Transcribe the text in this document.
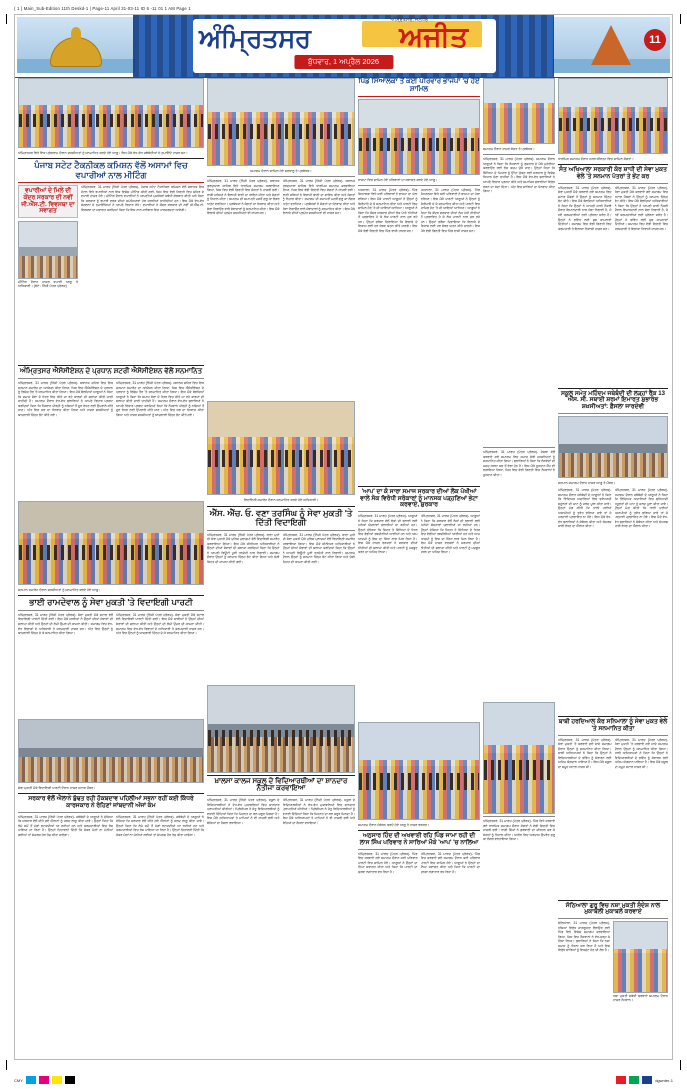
( 1 ) Main_Sub-Edition 11th Deskd-1 | Page-11 April 31-03-11 ID 6 -11 01 1 AM Page 1
ਅੰਮ੍ਰਿਤਸਰ	ਅਜੀਤ
ਅੰਮ੍ਰਿਤਸਰ, ਜਲੰਧਰ
ਬੁੱਧਵਾਰ, 1 ਅਪ੍ਰੈਲ 2026
11
ਅੰਮ੍ਰਿਤਸਰ ਵਿਖੇ ਇਕ ਪ੍ਰੋਗਰਾਮ ਦੌਰਾਨ ਸ਼ਖ਼ਸੀਅਤਾਂ ਨੂੰ ਸਨਮਾਨਿਤ ਕਰਦੇ ਹੋਏ ਆਗੂ। ਇਸ ਮੌਕੇ ਵੱਖ-ਵੱਖ ਜਥੇਬੰਦੀਆਂ ਦੇ ਨੁਮਾਇੰਦੇ ਹਾਜ਼ਰ ਸਨ।
ਪੰਜਾਬ ਸਟੇਟ ਟੈਕਨੀਕਲ ਕਮਿਸ਼ਨ ਵੱਲੋਂ ਅਸਾਮਾਂ ਵਿਚ ਵਪਾਰੀਆਂ ਨਾਲ ਮੀਟਿੰਗ
ਵਪਾਰੀਆਂ ਦੇ ਮਿਲੇ ਦੀ ਕੇਂਦਰ ਸਰਕਾਰ ਦੀ ਨਵੀਂ ਜੀ.ਐੱਸ.ਟੀ. ਵਿਵਸਥਾ ਦਾ ਸਵਾਗਤ
ਮੀਟਿੰਗ ਦੌਰਾਨ ਹਾਜ਼ਰ ਵਪਾਰੀ ਆਗੂ ਤੇ ਅਧਿਕਾਰੀ। (ਫੋਟੋ : ਨਿੱਜੀ ਪੱਤਰ ਪ੍ਰੇਰਕ)
ਅੰਮ੍ਰਿਤਸਰ, 31 ਮਾਰਚ (ਨਿੱਜੀ ਪੱਤਰ ਪ੍ਰੇਰਕ)- ਪੰਜਾਬ ਸਟੇਟ ਟੈਕਨੀਕਲ ਕਮਿਸ਼ਨ ਵੱਲੋਂ ਸਥਾਨਕ ਇਕ ਹੋਟਲ ਵਿਖੇ ਵਪਾਰੀਆਂ ਨਾਲ ਇਕ ਵਿਸ਼ੇਸ਼ ਮੀਟਿੰਗ ਕੀਤੀ ਗਈ, ਜਿਸ ਵਿਚ ਵੱਡੀ ਗਿਣਤੀ ਵਿਚ ਸ਼ਹਿਰ ਦੇ ਵਪਾਰੀ ਹਾਜ਼ਰ ਹੋਏ। ਮੀਟਿੰਗ ਦੌਰਾਨ ਵਪਾਰੀਆਂ ਨੇ ਆਪਣੀਆਂ ਮੁਸ਼ਕਿਲਾਂ ਸਬੰਧੀ ਗੱਲਬਾਤ ਕੀਤੀ ਅਤੇ ਕਿਹਾ ਕਿ ਸਰਕਾਰ ਨੂੰ ਵਪਾਰੀ ਵਰਗ ਦੀਆਂ ਸਮੱਸਿਆਵਾਂ ਹੱਲ ਕਰਨੀਆਂ ਚਾਹੀਦੀਆਂ ਹਨ। ਇਸ ਮੌਕੇ ਵੱਖ-ਵੱਖ ਸੰਗਠਨਾਂ ਦੇ ਨੁਮਾਇੰਦਿਆਂ ਨੇ ਆਪਣੇ ਵਿਚਾਰ ਰੱਖੇ। ਵਪਾਰੀਆਂ ਨੇ ਕੇਂਦਰ ਸਰਕਾਰ ਦੀ ਨਵੀਂ ਜੀ.ਐੱਸ.ਟੀ. ਵਿਵਸਥਾ ਦਾ ਸਵਾਗਤ ਕਰਦਿਆਂ ਕਿਹਾ ਕਿ ਇਸ ਨਾਲ ਕਾਰੋਬਾਰ ਵਿਚ ਪਾਰਦਰਸ਼ਤਾ ਆਵੇਗੀ।
ਅੰਮ੍ਰਿਤਸਰ ਐਸੋਸੀਏਸ਼ਨ ਦੇ ਪ੍ਰਧਾਨ ਸ਼ਟਰੀ ਐਸੋਸੀਏਸ਼ਨ ਵੱਲੋਂ ਸਨਮਾਨਿਤ
ਅੰਮ੍ਰਿਤਸਰ, 31 ਮਾਰਚ (ਨਿੱਜੀ ਪੱਤਰ ਪ੍ਰੇਰਕ)- ਸਥਾਨਕ ਸ਼ਹਿਰ ਵਿਚ ਇਕ ਸਨਮਾਨ ਸਮਾਰੋਹ ਦਾ ਆਯੋਜਨ ਕੀਤਾ ਗਿਆ, ਜਿਸ ਵਿਚ ਐਸੋਸੀਏਸ਼ਨ ਦੇ ਪ੍ਰਧਾਨ ਨੂੰ ਵਿਸ਼ੇਸ਼ ਤੌਰ 'ਤੇ ਸਨਮਾਨਿਤ ਕੀਤਾ ਗਿਆ। ਇਸ ਮੌਕੇ ਬੋਲਦਿਆਂ ਆਗੂਆਂ ਨੇ ਕਿਹਾ ਕਿ ਸਮਾਜ ਸੇਵਾ ਦੇ ਖੇਤਰ ਵਿਚ ਕੀਤੇ ਜਾ ਰਹੇ ਕਾਰਜਾਂ ਦੀ ਸ਼ਲਾਘਾ ਕੀਤੀ ਜਾਣੀ ਚਾਹੀਦੀ ਹੈ। ਸਮਾਗਮ ਦੌਰਾਨ ਵੱਖ-ਵੱਖ ਬੁਲਾਰਿਆਂ ਨੇ ਆਪਣੇ ਵਿਚਾਰ ਪ੍ਰਗਟ ਕਰਦਿਆਂ ਕਿਹਾ ਕਿ ਨੌਜਵਾਨ ਪੀੜ੍ਹੀ ਨੂੰ ਨਸ਼ਿਆਂ ਤੋਂ ਦੂਰ ਰੱਖਣ ਲਈ ਉਪਰਾਲੇ ਕੀਤੇ ਜਾਣ। ਅੰਤ ਵਿਚ ਸਭ ਦਾ ਧੰਨਵਾਦ ਕੀਤਾ ਗਿਆ ਅਤੇ ਹਾਜ਼ਰ ਸ਼ਖ਼ਸੀਅਤਾਂ ਨੂੰ ਯਾਦਗਾਰੀ ਚਿੰਨ੍ਹ ਭੇਟ ਕੀਤੇ ਗਏ।
ਅੰਮ੍ਰਿਤਸਰ, 31 ਮਾਰਚ (ਨਿੱਜੀ ਪੱਤਰ ਪ੍ਰੇਰਕ)- ਸਥਾਨਕ ਸ਼ਹਿਰ ਵਿਚ ਇਕ ਸਨਮਾਨ ਸਮਾਰੋਹ ਦਾ ਆਯੋਜਨ ਕੀਤਾ ਗਿਆ, ਜਿਸ ਵਿਚ ਐਸੋਸੀਏਸ਼ਨ ਦੇ ਪ੍ਰਧਾਨ ਨੂੰ ਵਿਸ਼ੇਸ਼ ਤੌਰ 'ਤੇ ਸਨਮਾਨਿਤ ਕੀਤਾ ਗਿਆ। ਇਸ ਮੌਕੇ ਬੋਲਦਿਆਂ ਆਗੂਆਂ ਨੇ ਕਿਹਾ ਕਿ ਸਮਾਜ ਸੇਵਾ ਦੇ ਖੇਤਰ ਵਿਚ ਕੀਤੇ ਜਾ ਰਹੇ ਕਾਰਜਾਂ ਦੀ ਸ਼ਲਾਘਾ ਕੀਤੀ ਜਾਣੀ ਚਾਹੀਦੀ ਹੈ। ਸਮਾਗਮ ਦੌਰਾਨ ਵੱਖ-ਵੱਖ ਬੁਲਾਰਿਆਂ ਨੇ ਆਪਣੇ ਵਿਚਾਰ ਪ੍ਰਗਟ ਕਰਦਿਆਂ ਕਿਹਾ ਕਿ ਨੌਜਵਾਨ ਪੀੜ੍ਹੀ ਨੂੰ ਨਸ਼ਿਆਂ ਤੋਂ ਦੂਰ ਰੱਖਣ ਲਈ ਉਪਰਾਲੇ ਕੀਤੇ ਜਾਣ। ਅੰਤ ਵਿਚ ਸਭ ਦਾ ਧੰਨਵਾਦ ਕੀਤਾ ਗਿਆ ਅਤੇ ਹਾਜ਼ਰ ਸ਼ਖ਼ਸੀਅਤਾਂ ਨੂੰ ਯਾਦਗਾਰੀ ਚਿੰਨ੍ਹ ਭੇਟ ਕੀਤੇ ਗਏ।
ਸਨਮਾਨ ਸਮਾਰੋਹ ਦੌਰਾਨ ਸ਼ਖ਼ਸੀਅਤਾਂ ਨੂੰ ਸਨਮਾਨਿਤ ਕਰਦੇ ਹੋਏ ਆਗੂ।
ਭਾਈ ਰਾਮਦੇਵਾਲ ਨੂੰ ਸੇਵਾ ਮੁਕਤੀ 'ਤੇ ਵਿਦਾਇਗੀ ਪਾਰਟੀ
ਅੰਮ੍ਰਿਤਸਰ, 31 ਮਾਰਚ (ਨਿੱਜੀ ਪੱਤਰ ਪ੍ਰੇਰਕ)- ਸੇਵਾ ਮੁਕਤੀ ਮੌਕੇ ਸਟਾਫ਼ ਵੱਲੋਂ ਵਿਦਾਇਗੀ ਪਾਰਟੀ ਦਿੱਤੀ ਗਈ। ਇਸ ਮੌਕੇ ਸਾਥੀਆਂ ਨੇ ਉਨ੍ਹਾਂ ਦੀਆਂ ਸੇਵਾਵਾਂ ਦੀ ਸ਼ਲਾਘਾ ਕੀਤੀ ਅਤੇ ਉਨ੍ਹਾਂ ਦੀ ਲੰਮੀ ਉਮਰ ਦੀ ਕਾਮਨਾ ਕੀਤੀ। ਸਮਾਗਮ ਵਿਚ ਵੱਖ-ਵੱਖ ਵਿਭਾਗਾਂ ਦੇ ਅਧਿਕਾਰੀ ਤੇ ਕਰਮਚਾਰੀ ਹਾਜ਼ਰ ਸਨ। ਅੰਤ ਵਿਚ ਉਨ੍ਹਾਂ ਨੂੰ ਯਾਦਗਾਰੀ ਚਿੰਨ੍ਹ ਦੇ ਕੇ ਸਨਮਾਨਿਤ ਕੀਤਾ ਗਿਆ।
ਅੰਮ੍ਰਿਤਸਰ, 31 ਮਾਰਚ (ਨਿੱਜੀ ਪੱਤਰ ਪ੍ਰੇਰਕ)- ਸੇਵਾ ਮੁਕਤੀ ਮੌਕੇ ਸਟਾਫ਼ ਵੱਲੋਂ ਵਿਦਾਇਗੀ ਪਾਰਟੀ ਦਿੱਤੀ ਗਈ। ਇਸ ਮੌਕੇ ਸਾਥੀਆਂ ਨੇ ਉਨ੍ਹਾਂ ਦੀਆਂ ਸੇਵਾਵਾਂ ਦੀ ਸ਼ਲਾਘਾ ਕੀਤੀ ਅਤੇ ਉਨ੍ਹਾਂ ਦੀ ਲੰਮੀ ਉਮਰ ਦੀ ਕਾਮਨਾ ਕੀਤੀ। ਸਮਾਗਮ ਵਿਚ ਵੱਖ-ਵੱਖ ਵਿਭਾਗਾਂ ਦੇ ਅਧਿਕਾਰੀ ਤੇ ਕਰਮਚਾਰੀ ਹਾਜ਼ਰ ਸਨ। ਅੰਤ ਵਿਚ ਉਨ੍ਹਾਂ ਨੂੰ ਯਾਦਗਾਰੀ ਚਿੰਨ੍ਹ ਦੇ ਕੇ ਸਨਮਾਨਿਤ ਕੀਤਾ ਗਿਆ।
ਸੇਵਾ ਮੁਕਤੀ ਮੌਕੇ ਵਿਦਾਇਗੀ ਪਾਰਟੀ ਦੌਰਾਨ ਹਾਜ਼ਰ ਸਟਾਫ਼ ਮੈਂਬਰ।
ਸਰਕਾਰ ਵੱਲੋਂ ਐਲਾਨੇ ਬੁੱਢਤ ਰਹੀ ਹੱਕਬਦਾਵ ਪਹਿਲੀਆਂ ਸਭਨਾ ਰਹੀਂ ਕਈ ਕਿੱਧਰੇ ਕਾਰਜਕਾਰ ਨੇ ਰੋਹਿਣਾਂ ਜਾਂਬਦਾਨੀ ਅੱਜਾਂ ਕੰਮ
ਅੰਮ੍ਰਿਤਸਰ, 31 ਮਾਰਚ (ਨਿੱਜੀ ਪੱਤਰ ਪ੍ਰੇਰਕ)- ਜਥੇਬੰਦੀ ਦੇ ਆਗੂਆਂ ਨੇ ਦੱਸਿਆ ਕਿ ਸਰਕਾਰ ਵੱਲੋਂ ਕੀਤੇ ਗਏ ਐਲਾਨਾਂ ਨੂੰ ਜਲਦ ਲਾਗੂ ਕੀਤਾ ਜਾਵੇ। ਉਨ੍ਹਾਂ ਕਿਹਾ ਕਿ ਲੰਮੇ ਸਮੇਂ ਤੋਂ ਮੰਗਾਂ ਲਟਕਦੀਆਂ ਆ ਰਹੀਆਂ ਹਨ ਅਤੇ ਕਰਮਚਾਰੀਆਂ ਵਿਚ ਰੋਸ ਪਾਇਆ ਜਾ ਰਿਹਾ ਹੈ। ਉਨ੍ਹਾਂ ਚਿਤਾਵਨੀ ਦਿੱਤੀ ਕਿ ਜੇਕਰ ਮੰਗਾਂ ਨਾ ਮੰਨੀਆਂ ਗਈਆਂ ਤਾਂ ਸੰਘਰਸ਼ ਹੋਰ ਤੇਜ਼ ਕੀਤਾ ਜਾਵੇਗਾ।
ਅੰਮ੍ਰਿਤਸਰ, 31 ਮਾਰਚ (ਨਿੱਜੀ ਪੱਤਰ ਪ੍ਰੇਰਕ)- ਜਥੇਬੰਦੀ ਦੇ ਆਗੂਆਂ ਨੇ ਦੱਸਿਆ ਕਿ ਸਰਕਾਰ ਵੱਲੋਂ ਕੀਤੇ ਗਏ ਐਲਾਨਾਂ ਨੂੰ ਜਲਦ ਲਾਗੂ ਕੀਤਾ ਜਾਵੇ। ਉਨ੍ਹਾਂ ਕਿਹਾ ਕਿ ਲੰਮੇ ਸਮੇਂ ਤੋਂ ਮੰਗਾਂ ਲਟਕਦੀਆਂ ਆ ਰਹੀਆਂ ਹਨ ਅਤੇ ਕਰਮਚਾਰੀਆਂ ਵਿਚ ਰੋਸ ਪਾਇਆ ਜਾ ਰਿਹਾ ਹੈ। ਉਨ੍ਹਾਂ ਚਿਤਾਵਨੀ ਦਿੱਤੀ ਕਿ ਜੇਕਰ ਮੰਗਾਂ ਨਾ ਮੰਨੀਆਂ ਗਈਆਂ ਤਾਂ ਸੰਘਰਸ਼ ਹੋਰ ਤੇਜ਼ ਕੀਤਾ ਜਾਵੇਗਾ।
ਸਮਾਗਮ ਦੌਰਾਨ ਸ਼ਾਮਿਲ ਹੋਏ ਸ਼ਰਧਾਲੂ ਤੇ ਪ੍ਰਬੰਧਕ।
ਅੰਮ੍ਰਿਤਸਰ, 31 ਮਾਰਚ (ਨਿੱਜੀ ਪੱਤਰ ਪ੍ਰੇਰਕ)- ਸਥਾਨਕ ਗੁਰਦੁਆਰਾ ਸਾਹਿਬ ਵਿਖੇ ਧਾਰਮਿਕ ਸਮਾਗਮ ਕਰਵਾਇਆ ਗਿਆ, ਜਿਸ ਵਿਚ ਵੱਡੀ ਗਿਣਤੀ ਵਿਚ ਸੰਗਤਾਂ ਨੇ ਹਾਜ਼ਰੀ ਭਰੀ। ਰਾਗੀ ਜਥਿਆਂ ਨੇ ਇਲਾਹੀ ਬਾਣੀ ਦਾ ਗਾਇਨ ਕੀਤਾ ਅਤੇ ਸੰਗਤਾਂ ਨੂੰ ਨਿਹਾਲ ਕੀਤਾ। ਸਮਾਗਮ ਦੀ ਸਮਾਪਤੀ ਮਗਰੋਂ ਗੁਰੂ ਕਾ ਲੰਗਰ ਅਤੁੱਟ ਵਰਤਿਆ। ਪ੍ਰਬੰਧਕਾਂ ਨੇ ਸੰਗਤਾਂ ਦਾ ਧੰਨਵਾਦ ਕੀਤਾ ਅਤੇ ਸੇਵਾ ਨਿਭਾਉਣ ਵਾਲੇ ਸੇਵਾਦਾਰਾਂ ਨੂੰ ਸਨਮਾਨਿਤ ਕੀਤਾ। ਇਸ ਮੌਕੇ ਇਲਾਕੇ ਦੀਆਂ ਪ੍ਰਮੁੱਖ ਸ਼ਖ਼ਸੀਅਤਾਂ ਵੀ ਹਾਜ਼ਰ ਸਨ।
ਅੰਮ੍ਰਿਤਸਰ, 31 ਮਾਰਚ (ਨਿੱਜੀ ਪੱਤਰ ਪ੍ਰੇਰਕ)- ਸਥਾਨਕ ਗੁਰਦੁਆਰਾ ਸਾਹਿਬ ਵਿਖੇ ਧਾਰਮਿਕ ਸਮਾਗਮ ਕਰਵਾਇਆ ਗਿਆ, ਜਿਸ ਵਿਚ ਵੱਡੀ ਗਿਣਤੀ ਵਿਚ ਸੰਗਤਾਂ ਨੇ ਹਾਜ਼ਰੀ ਭਰੀ। ਰਾਗੀ ਜਥਿਆਂ ਨੇ ਇਲਾਹੀ ਬਾਣੀ ਦਾ ਗਾਇਨ ਕੀਤਾ ਅਤੇ ਸੰਗਤਾਂ ਨੂੰ ਨਿਹਾਲ ਕੀਤਾ। ਸਮਾਗਮ ਦੀ ਸਮਾਪਤੀ ਮਗਰੋਂ ਗੁਰੂ ਕਾ ਲੰਗਰ ਅਤੁੱਟ ਵਰਤਿਆ। ਪ੍ਰਬੰਧਕਾਂ ਨੇ ਸੰਗਤਾਂ ਦਾ ਧੰਨਵਾਦ ਕੀਤਾ ਅਤੇ ਸੇਵਾ ਨਿਭਾਉਣ ਵਾਲੇ ਸੇਵਾਦਾਰਾਂ ਨੂੰ ਸਨਮਾਨਿਤ ਕੀਤਾ। ਇਸ ਮੌਕੇ ਇਲਾਕੇ ਦੀਆਂ ਪ੍ਰਮੁੱਖ ਸ਼ਖ਼ਸੀਅਤਾਂ ਵੀ ਹਾਜ਼ਰ ਸਨ।
ਵਿਦਾਇਗੀ ਸਮਾਰੋਹ ਦੌਰਾਨ ਸਨਮਾਨਿਤ ਕਰਦੇ ਹੋਏ ਅਧਿਕਾਰੀ।
ਐੱਸ. ਐੱਚ. ਓ. ਵਣਾ ਤਰਸਿੰਘ ਨੂੰ ਸੇਵਾ ਮੁਕਤੀ 'ਤੇ ਦਿੱਤੀ ਵਿਦਾਇਗੀ
ਅੰਮ੍ਰਿਤਸਰ, 31 ਮਾਰਚ (ਨਿੱਜੀ ਪੱਤਰ ਪ੍ਰੇਰਕ)- ਥਾਣਾ ਮੁਖੀ ਦੀ ਸੇਵਾ ਮੁਕਤੀ ਮੌਕੇ ਪੁਲਿਸ ਮੁਲਾਜ਼ਮਾਂ ਵੱਲੋਂ ਵਿਦਾਇਗੀ ਸਮਾਰੋਹ ਕਰਵਾਇਆ ਗਿਆ। ਇਸ ਮੌਕੇ ਸੀਨੀਅਰ ਅਧਿਕਾਰੀਆਂ ਨੇ ਉਨ੍ਹਾਂ ਦੀਆਂ ਸੇਵਾਵਾਂ ਦੀ ਸ਼ਲਾਘਾ ਕਰਦਿਆਂ ਕਿਹਾ ਕਿ ਉਨ੍ਹਾਂ ਨੇ ਆਪਣੀ ਡਿਊਟੀ ਪੂਰੀ ਤਨਦੇਹੀ ਨਾਲ ਨਿਭਾਈ। ਸਮਾਗਮ ਦੌਰਾਨ ਉਨ੍ਹਾਂ ਨੂੰ ਸਨਮਾਨ ਚਿੰਨ੍ਹ ਭੇਟ ਕੀਤਾ ਗਿਆ ਅਤੇ ਚੰਗੀ ਸਿਹਤ ਦੀ ਕਾਮਨਾ ਕੀਤੀ ਗਈ।
ਅੰਮ੍ਰਿਤਸਰ, 31 ਮਾਰਚ (ਨਿੱਜੀ ਪੱਤਰ ਪ੍ਰੇਰਕ)- ਥਾਣਾ ਮੁਖੀ ਦੀ ਸੇਵਾ ਮੁਕਤੀ ਮੌਕੇ ਪੁਲਿਸ ਮੁਲਾਜ਼ਮਾਂ ਵੱਲੋਂ ਵਿਦਾਇਗੀ ਸਮਾਰੋਹ ਕਰਵਾਇਆ ਗਿਆ। ਇਸ ਮੌਕੇ ਸੀਨੀਅਰ ਅਧਿਕਾਰੀਆਂ ਨੇ ਉਨ੍ਹਾਂ ਦੀਆਂ ਸੇਵਾਵਾਂ ਦੀ ਸ਼ਲਾਘਾ ਕਰਦਿਆਂ ਕਿਹਾ ਕਿ ਉਨ੍ਹਾਂ ਨੇ ਆਪਣੀ ਡਿਊਟੀ ਪੂਰੀ ਤਨਦੇਹੀ ਨਾਲ ਨਿਭਾਈ। ਸਮਾਗਮ ਦੌਰਾਨ ਉਨ੍ਹਾਂ ਨੂੰ ਸਨਮਾਨ ਚਿੰਨ੍ਹ ਭੇਟ ਕੀਤਾ ਗਿਆ ਅਤੇ ਚੰਗੀ ਸਿਹਤ ਦੀ ਕਾਮਨਾ ਕੀਤੀ ਗਈ।
ਖ਼ਾਲਸਾ ਕਾਲਜ ਸਕੂਲ ਦੇ ਵਿਦਿਆਰਥੀਆਂ ਦਾ ਸ਼ਾਨਦਾਰ ਨਤੀਜਾ ਕਰਵਾਇਆ
ਅੰਮ੍ਰਿਤਸਰ, 31 ਮਾਰਚ (ਨਿੱਜੀ ਪੱਤਰ ਪ੍ਰੇਰਕ)- ਸਕੂਲ ਦੇ ਵਿਦਿਆਰਥੀਆਂ ਨੇ ਵੱਖ-ਵੱਖ ਮੁਕਾਬਲਿਆਂ ਵਿਚ ਸ਼ਾਨਦਾਰ ਪ੍ਰਾਪਤੀਆਂ ਕੀਤੀਆਂ। ਪ੍ਰਿੰਸੀਪਲ ਨੇ ਜੇਤੂ ਵਿਦਿਆਰਥੀਆਂ ਨੂੰ ਵਧਾਈ ਦਿੰਦਿਆਂ ਕਿਹਾ ਕਿ ਮਿਹਨਤ ਦਾ ਫਲ ਜ਼ਰੂਰ ਮਿਲਦਾ ਹੈ। ਇਸ ਮੌਕੇ ਅਧਿਆਪਕਾਂ ਤੇ ਮਾਪਿਆਂ ਨੇ ਵੀ ਹਾਜ਼ਰੀ ਭਰੀ ਅਤੇ ਬੱਚਿਆਂ ਦਾ ਹੌਸਲਾ ਵਧਾਇਆ।
ਅੰਮ੍ਰਿਤਸਰ, 31 ਮਾਰਚ (ਨਿੱਜੀ ਪੱਤਰ ਪ੍ਰੇਰਕ)- ਸਕੂਲ ਦੇ ਵਿਦਿਆਰਥੀਆਂ ਨੇ ਵੱਖ-ਵੱਖ ਮੁਕਾਬਲਿਆਂ ਵਿਚ ਸ਼ਾਨਦਾਰ ਪ੍ਰਾਪਤੀਆਂ ਕੀਤੀਆਂ। ਪ੍ਰਿੰਸੀਪਲ ਨੇ ਜੇਤੂ ਵਿਦਿਆਰਥੀਆਂ ਨੂੰ ਵਧਾਈ ਦਿੰਦਿਆਂ ਕਿਹਾ ਕਿ ਮਿਹਨਤ ਦਾ ਫਲ ਜ਼ਰੂਰ ਮਿਲਦਾ ਹੈ। ਇਸ ਮੌਕੇ ਅਧਿਆਪਕਾਂ ਤੇ ਮਾਪਿਆਂ ਨੇ ਵੀ ਹਾਜ਼ਰੀ ਭਰੀ ਅਤੇ ਬੱਚਿਆਂ ਦਾ ਹੌਸਲਾ ਵਧਾਇਆ।
ਪਿੰਡ ਸਿਆਲਕਾ ਤੋਂ ਕਈ ਪਰਿਵਾਰ ਭਾਜਪਾ 'ਚ ਹੋਏ ਸ਼ਾਮਿਲ
ਭਾਜਪਾ ਵਿਚ ਸ਼ਾਮਿਲ ਹੋਏ ਪਰਿਵਾਰਾਂ ਦਾ ਸਵਾਗਤ ਕਰਦੇ ਹੋਏ ਆਗੂ।
ਅਜਨਾਲਾ, 31 ਮਾਰਚ (ਪੱਤਰ ਪ੍ਰੇਰਕ)- ਪਿੰਡ ਸਿਆਲਕਾ ਵਿਖੇ ਕਈ ਪਰਿਵਾਰਾਂ ਨੇ ਭਾਜਪਾ ਦਾ ਪੱਲਾ ਫੜਿਆ। ਇਸ ਮੌਕੇ ਪਾਰਟੀ ਆਗੂਆਂ ਨੇ ਉਨ੍ਹਾਂ ਨੂੰ ਸਿਰੋਪਾਓ ਦੇ ਕੇ ਸਨਮਾਨਿਤ ਕੀਤਾ ਅਤੇ ਪਾਰਟੀ ਵਿਚ ਸ਼ਾਮਿਲ ਹੋਣ 'ਤੇ ਜੀ ਆਇਆਂ ਆਖਿਆ। ਆਗੂਆਂ ਨੇ ਕਿਹਾ ਕਿ ਕੇਂਦਰ ਸਰਕਾਰ ਦੀਆਂ ਲੋਕ ਪੱਖੀ ਨੀਤੀਆਂ ਤੋਂ ਪ੍ਰਭਾਵਿਤ ਹੋ ਕੇ ਲੋਕ ਪਾਰਟੀ ਨਾਲ ਜੁੜ ਰਹੇ ਹਨ। ਉਨ੍ਹਾਂ ਭਰੋਸਾ ਦਿਵਾਇਆ ਕਿ ਇਲਾਕੇ ਦੇ ਵਿਕਾਸ ਲਈ ਹਰ ਸੰਭਵ ਯਤਨ ਕੀਤੇ ਜਾਣਗੇ। ਇਸ ਮੌਕੇ ਵੱਡੀ ਗਿਣਤੀ ਵਿਚ ਪਿੰਡ ਵਾਸੀ ਹਾਜ਼ਰ ਸਨ।
ਅਜਨਾਲਾ, 31 ਮਾਰਚ (ਪੱਤਰ ਪ੍ਰੇਰਕ)- ਪਿੰਡ ਸਿਆਲਕਾ ਵਿਖੇ ਕਈ ਪਰਿਵਾਰਾਂ ਨੇ ਭਾਜਪਾ ਦਾ ਪੱਲਾ ਫੜਿਆ। ਇਸ ਮੌਕੇ ਪਾਰਟੀ ਆਗੂਆਂ ਨੇ ਉਨ੍ਹਾਂ ਨੂੰ ਸਿਰੋਪਾਓ ਦੇ ਕੇ ਸਨਮਾਨਿਤ ਕੀਤਾ ਅਤੇ ਪਾਰਟੀ ਵਿਚ ਸ਼ਾਮਿਲ ਹੋਣ 'ਤੇ ਜੀ ਆਇਆਂ ਆਖਿਆ। ਆਗੂਆਂ ਨੇ ਕਿਹਾ ਕਿ ਕੇਂਦਰ ਸਰਕਾਰ ਦੀਆਂ ਲੋਕ ਪੱਖੀ ਨੀਤੀਆਂ ਤੋਂ ਪ੍ਰਭਾਵਿਤ ਹੋ ਕੇ ਲੋਕ ਪਾਰਟੀ ਨਾਲ ਜੁੜ ਰਹੇ ਹਨ। ਉਨ੍ਹਾਂ ਭਰੋਸਾ ਦਿਵਾਇਆ ਕਿ ਇਲਾਕੇ ਦੇ ਵਿਕਾਸ ਲਈ ਹਰ ਸੰਭਵ ਯਤਨ ਕੀਤੇ ਜਾਣਗੇ। ਇਸ ਮੌਕੇ ਵੱਡੀ ਗਿਣਤੀ ਵਿਚ ਪਿੰਡ ਵਾਸੀ ਹਾਜ਼ਰ ਸਨ।
'ਆਪ' ਦਾ ਕੋ ਸਾਰਾ ਸਮਾਜ ਸਰਕਾਰ ਦੀਆਂ ਲੋਕ ਪੱਖੀਆਂ ਵਾਲੇ ਸੋਕ ਵਿਰੋਧੀ ਸਰੋਕਾਰਾਂ ਨੂੰ ਮਾਨਸਕ ਪੜ੍ਹਣਿਆਂ ਭੇਟਾ ਕਰਵਾਏ, ਸ਼ੁਰਕਾਰ
ਅੰਮ੍ਰਿਤਸਰ, 31 ਮਾਰਚ (ਪੱਤਰ ਪ੍ਰੇਰਕ)- ਆਗੂਆਂ ਨੇ ਕਿਹਾ ਕਿ ਸਰਕਾਰ ਵੱਲੋਂ ਲੋਕਾਂ ਦੀ ਭਲਾਈ ਲਈ ਅਨੇਕਾਂ ਯੋਜਨਾਵਾਂ ਚਲਾਈਆਂ ਜਾ ਰਹੀਆਂ ਹਨ। ਉਨ੍ਹਾਂ ਦੱਸਿਆ ਕਿ ਸਿਹਤ ਤੇ ਸਿੱਖਿਆ ਦੇ ਖੇਤਰ ਵਿਚ ਵੱਡੀਆਂ ਤਬਦੀਲੀਆਂ ਆਈਆਂ ਹਨ ਅਤੇ ਆਮ ਆਦਮੀ ਨੂੰ ਇਸ ਦਾ ਸਿੱਧਾ ਲਾਭ ਮਿਲ ਰਿਹਾ ਹੈ। ਇਸ ਮੌਕੇ ਹਾਜ਼ਰ ਵਰਕਰਾਂ ਨੇ ਸਰਕਾਰ ਦੀਆਂ ਨੀਤੀਆਂ ਦੀ ਸ਼ਲਾਘਾ ਕੀਤੀ ਅਤੇ ਪਾਰਟੀ ਨੂੰ ਮਜ਼ਬੂਤ ਕਰਨ ਦਾ ਅਹਿਦ ਲਿਆ।
ਅੰਮ੍ਰਿਤਸਰ, 31 ਮਾਰਚ (ਪੱਤਰ ਪ੍ਰੇਰਕ)- ਆਗੂਆਂ ਨੇ ਕਿਹਾ ਕਿ ਸਰਕਾਰ ਵੱਲੋਂ ਲੋਕਾਂ ਦੀ ਭਲਾਈ ਲਈ ਅਨੇਕਾਂ ਯੋਜਨਾਵਾਂ ਚਲਾਈਆਂ ਜਾ ਰਹੀਆਂ ਹਨ। ਉਨ੍ਹਾਂ ਦੱਸਿਆ ਕਿ ਸਿਹਤ ਤੇ ਸਿੱਖਿਆ ਦੇ ਖੇਤਰ ਵਿਚ ਵੱਡੀਆਂ ਤਬਦੀਲੀਆਂ ਆਈਆਂ ਹਨ ਅਤੇ ਆਮ ਆਦਮੀ ਨੂੰ ਇਸ ਦਾ ਸਿੱਧਾ ਲਾਭ ਮਿਲ ਰਿਹਾ ਹੈ। ਇਸ ਮੌਕੇ ਹਾਜ਼ਰ ਵਰਕਰਾਂ ਨੇ ਸਰਕਾਰ ਦੀਆਂ ਨੀਤੀਆਂ ਦੀ ਸ਼ਲਾਘਾ ਕੀਤੀ ਅਤੇ ਪਾਰਟੀ ਨੂੰ ਮਜ਼ਬੂਤ ਕਰਨ ਦਾ ਅਹਿਦ ਲਿਆ।
ਸਮਾਗਮ ਦੌਰਾਨ ਸੰਬੋਧਨ ਕਰਦੇ ਹੋਏ ਆਗੂ ਤੇ ਹਾਜ਼ਰ ਵਰਕਰ।
ਅਨੁਸਾਰ ਹਿੰਦ ਦੀ ਅਖਵਾਈ ਰਹਿ ਪਿੰਡ ਜਾਮਾ ਰਹੀ ਦੀ ਲਾਸ ਸਿੰਘ ਪਰਿਵਾਰ ਨੇ ਸਾਰਿਆਂ ਮੌਕੇ 'ਆਪ' 'ਚ ਨਾਲਿਆ
ਅੰਮ੍ਰਿਤਸਰ, 31 ਮਾਰਚ (ਪੱਤਰ ਪ੍ਰੇਰਕ)- ਪਿੰਡ ਵਿਚ ਕਰਵਾਏ ਗਏ ਸਮਾਗਮ ਦੌਰਾਨ ਕਈ ਪਰਿਵਾਰ ਪਾਰਟੀ ਵਿਚ ਸ਼ਾਮਿਲ ਹੋਏ। ਆਗੂਆਂ ਨੇ ਉਨ੍ਹਾਂ ਦਾ ਨਿੱਘਾ ਸਵਾਗਤ ਕੀਤਾ ਅਤੇ ਕਿਹਾ ਕਿ ਪਾਰਟੀ ਦਾ ਕੁਨਬਾ ਲਗਾਤਾਰ ਵਧ ਰਿਹਾ ਹੈ।
ਅੰਮ੍ਰਿਤਸਰ, 31 ਮਾਰਚ (ਪੱਤਰ ਪ੍ਰੇਰਕ)- ਪਿੰਡ ਵਿਚ ਕਰਵਾਏ ਗਏ ਸਮਾਗਮ ਦੌਰਾਨ ਕਈ ਪਰਿਵਾਰ ਪਾਰਟੀ ਵਿਚ ਸ਼ਾਮਿਲ ਹੋਏ। ਆਗੂਆਂ ਨੇ ਉਨ੍ਹਾਂ ਦਾ ਨਿੱਘਾ ਸਵਾਗਤ ਕੀਤਾ ਅਤੇ ਕਿਹਾ ਕਿ ਪਾਰਟੀ ਦਾ ਕੁਨਬਾ ਲਗਾਤਾਰ ਵਧ ਰਿਹਾ ਹੈ।
ਸਮਾਗਮ ਦੌਰਾਨ ਹਾਜ਼ਰ ਸੰਗਤ ਤੇ ਪ੍ਰਬੰਧਕ।
ਅੰਮ੍ਰਿਤਸਰ, 31 ਮਾਰਚ (ਪੱਤਰ ਪ੍ਰੇਰਕ)- ਸਮਾਗਮ ਦੌਰਾਨ ਆਗੂਆਂ ਨੇ ਕਿਹਾ ਕਿ ਨੌਜਵਾਨਾਂ ਨੂੰ ਰੁਜ਼ਗਾਰ ਦੇ ਮੌਕੇ ਮੁਹੱਈਆ ਕਰਵਾਉਣ ਲਈ ਠੋਸ ਕਦਮ ਚੁੱਕੇ ਜਾਣ। ਉਨ੍ਹਾਂ ਕਿਹਾ ਕਿ ਸਿੱਖਿਆ ਦੇ ਮਿਆਰ ਨੂੰ ਉੱਚਾ ਚੁੱਕਣ ਲਈ ਸਰਕਾਰ ਨੂੰ ਵਿਸ਼ੇਸ਼ ਧਿਆਨ ਦੇਣਾ ਚਾਹੀਦਾ ਹੈ। ਇਸ ਮੌਕੇ ਵੱਖ-ਵੱਖ ਬੁਲਾਰਿਆਂ ਨੇ ਆਪਣੇ ਵਿਚਾਰ ਪ੍ਰਗਟ ਕੀਤੇ ਅਤੇ ਸਮਾਜਿਕ ਬੁਰਾਈਆਂ ਵਿਰੁੱਧ ਲੜਨ ਦਾ ਸੱਦਾ ਦਿੱਤਾ। ਅੰਤ ਵਿਚ ਸਾਰਿਆਂ ਦਾ ਧੰਨਵਾਦ ਕੀਤਾ ਗਿਆ।
ਅੰਮ੍ਰਿਤਸਰ, 31 ਮਾਰਚ (ਪੱਤਰ ਪ੍ਰੇਰਕ)- ਸੰਸਥਾ ਵੱਲੋਂ ਕਰਵਾਏ ਗਏ ਸਮਾਗਮ ਵਿਚ ਸਮਾਜ ਸੇਵੀ ਸ਼ਖ਼ਸੀਅਤਾਂ ਨੂੰ ਸਨਮਾਨਿਤ ਕੀਤਾ ਗਿਆ। ਬੁਲਾਰਿਆਂ ਨੇ ਕਿਹਾ ਕਿ ਲੋੜਵੰਦਾਂ ਦੀ ਮਦਦ ਕਰਨਾ ਸਭ ਤੋਂ ਵੱਡਾ ਪੁੰਨ ਹੈ। ਇਸ ਮੌਕੇ ਖ਼ੂਨਦਾਨ ਕੈਂਪ ਵੀ ਲਗਾਇਆ ਗਿਆ, ਜਿਸ ਵਿਚ ਵੱਡੀ ਗਿਣਤੀ ਵਿਚ ਨੌਜਵਾਨਾਂ ਨੇ ਖ਼ੂਨਦਾਨ ਕੀਤਾ।
ਅੰਮ੍ਰਿਤਸਰ, 31 ਮਾਰਚ (ਪੱਤਰ ਪ੍ਰੇਰਕ)- ਪਿੰਡ ਵਿਖੇ ਕਰਵਾਏ ਗਏ ਧਾਰਮਿਕ ਸਮਾਗਮ ਦੌਰਾਨ ਸੰਗਤਾਂ ਨੇ ਵੱਡੀ ਗਿਣਤੀ ਵਿਚ ਹਾਜ਼ਰੀ ਭਰੀ। ਰਾਗੀ ਸਿੰਘਾਂ ਨੇ ਗੁਰਬਾਣੀ ਦਾ ਕੀਰਤਨ ਕਰ ਕੇ ਸੰਗਤਾਂ ਨੂੰ ਨਿਹਾਲ ਕੀਤਾ। ਅਖੀਰ ਵਿਚ ਅਰਦਾਸ ਉਪਰੰਤ ਗੁਰੂ ਕਾ ਲੰਗਰ ਵਰਤਾਇਆ ਗਿਆ।
ਧਾਰਮਿਕ ਸਮਾਗਮ ਦੌਰਾਨ ਨਗਰ ਕੀਰਤਨ ਵਿਚ ਸ਼ਾਮਿਲ ਸੰਗਤਾਂ।
ਸੰਤ ਅਖਿਆਲਾ ਸਰਕਾਰੀ ਕੋਰ ਸ਼ਾਧੀ ਦੀ ਸੇਵਾ ਮੁਕਤ ਵੇਲੇ 'ਤੇ ਸਨਮਾਨ ਪੱਤਰਾਂ ਤੇ ਭੇਂਟ ਕਰ
ਅੰਮ੍ਰਿਤਸਰ, 31 ਮਾਰਚ (ਪੱਤਰ ਪ੍ਰੇਰਕ)- ਸੇਵਾ ਮੁਕਤੀ ਮੌਕੇ ਕਰਵਾਏ ਗਏ ਸਮਾਗਮ ਵਿਚ ਸਟਾਫ਼ ਮੈਂਬਰਾਂ ਨੇ ਉਨ੍ਹਾਂ ਨੂੰ ਸਨਮਾਨ ਚਿੰਨ੍ਹ ਭੇਟ ਕੀਤੇ। ਇਸ ਮੌਕੇ ਬੋਲਦਿਆਂ ਅਧਿਕਾਰੀਆਂ ਨੇ ਕਿਹਾ ਕਿ ਉਨ੍ਹਾਂ ਨੇ ਆਪਣੀ ਸਾਰੀ ਨੌਕਰੀ ਦੌਰਾਨ ਇਮਾਨਦਾਰੀ ਨਾਲ ਸੇਵਾ ਨਿਭਾਈ ਹੈ, ਜੋ ਨਵੇਂ ਕਰਮਚਾਰੀਆਂ ਲਈ ਪ੍ਰੇਰਨਾ ਸਰੋਤ ਹੈ। ਉਨ੍ਹਾਂ ਨੇ ਭਵਿੱਖ ਲਈ ਸ਼ੁਭ ਕਾਮਨਾਵਾਂ ਦਿੱਤੀਆਂ। ਸਮਾਗਮ ਵਿਚ ਵੱਡੀ ਗਿਣਤੀ ਵਿਚ ਕਰਮਚਾਰੀ ਤੇ ਇਲਾਕਾ ਨਿਵਾਸੀ ਹਾਜ਼ਰ ਸਨ।
ਅੰਮ੍ਰਿਤਸਰ, 31 ਮਾਰਚ (ਪੱਤਰ ਪ੍ਰੇਰਕ)- ਸੇਵਾ ਮੁਕਤੀ ਮੌਕੇ ਕਰਵਾਏ ਗਏ ਸਮਾਗਮ ਵਿਚ ਸਟਾਫ਼ ਮੈਂਬਰਾਂ ਨੇ ਉਨ੍ਹਾਂ ਨੂੰ ਸਨਮਾਨ ਚਿੰਨ੍ਹ ਭੇਟ ਕੀਤੇ। ਇਸ ਮੌਕੇ ਬੋਲਦਿਆਂ ਅਧਿਕਾਰੀਆਂ ਨੇ ਕਿਹਾ ਕਿ ਉਨ੍ਹਾਂ ਨੇ ਆਪਣੀ ਸਾਰੀ ਨੌਕਰੀ ਦੌਰਾਨ ਇਮਾਨਦਾਰੀ ਨਾਲ ਸੇਵਾ ਨਿਭਾਈ ਹੈ, ਜੋ ਨਵੇਂ ਕਰਮਚਾਰੀਆਂ ਲਈ ਪ੍ਰੇਰਨਾ ਸਰੋਤ ਹੈ। ਉਨ੍ਹਾਂ ਨੇ ਭਵਿੱਖ ਲਈ ਸ਼ੁਭ ਕਾਮਨਾਵਾਂ ਦਿੱਤੀਆਂ। ਸਮਾਗਮ ਵਿਚ ਵੱਡੀ ਗਿਣਤੀ ਵਿਚ ਕਰਮਚਾਰੀ ਤੇ ਇਲਾਕਾ ਨਿਵਾਸੀ ਹਾਜ਼ਰ ਸਨ।
ਸਕੂਲ ਸਮੇਤ ਮਹਿੰਦਮ ਜਥੇਬੰਦੀ ਦੀ ਲੜ੍ਹਾਂ ਰੈਂਕ 13 ਐੱਸ. ਸੀ. ਸਥਾਈ ਸ਼ਰਮਾਂ ਇਮਾਰਤ ਸ਼ੁਭਾਰੰਭ ਸ਼ਖ਼ਸੀਅਤਾਂ: ਫ਼ੈਸਲਾ ਜਾਰਦੇਵੀ
ਸਨਮਾਨ ਸਮਾਗਮ ਦੌਰਾਨ ਹਾਜ਼ਰ ਆਗੂ ਤੇ ਮੈਂਬਰ।
ਅੰਮ੍ਰਿਤਸਰ, 31 ਮਾਰਚ (ਪੱਤਰ ਪ੍ਰੇਰਕ)- ਸਮਾਗਮ ਦੌਰਾਨ ਜਥੇਬੰਦੀ ਦੇ ਆਗੂਆਂ ਨੇ ਕਿਹਾ ਕਿ ਵਿੱਦਿਅਕ ਅਦਾਰਿਆਂ ਵਿਚ ਬੁਨਿਆਦੀ ਸਹੂਲਤਾਂ ਦੀ ਘਾਟ ਨੂੰ ਜਲਦ ਪੂਰਾ ਕੀਤਾ ਜਾਵੇ। ਉਨ੍ਹਾਂ ਮੰਗ ਕੀਤੀ ਕਿ ਖਾਲੀ ਪਈਆਂ ਅਸਾਮੀਆਂ ਨੂੰ ਤੁਰੰਤ ਭਰਿਆ ਜਾਵੇ ਤਾਂ ਜੋ ਪੜ੍ਹਾਈ ਪ੍ਰਭਾਵਿਤ ਨਾ ਹੋਵੇ। ਇਸ ਮੌਕੇ ਵੱਖ-ਵੱਖ ਬੁਲਾਰਿਆਂ ਨੇ ਸੰਬੋਧਨ ਕੀਤਾ ਅਤੇ ਸੰਘਰਸ਼ ਜਾਰੀ ਰੱਖਣ ਦਾ ਐਲਾਨ ਕੀਤਾ।
ਅੰਮ੍ਰਿਤਸਰ, 31 ਮਾਰਚ (ਪੱਤਰ ਪ੍ਰੇਰਕ)- ਸਮਾਗਮ ਦੌਰਾਨ ਜਥੇਬੰਦੀ ਦੇ ਆਗੂਆਂ ਨੇ ਕਿਹਾ ਕਿ ਵਿੱਦਿਅਕ ਅਦਾਰਿਆਂ ਵਿਚ ਬੁਨਿਆਦੀ ਸਹੂਲਤਾਂ ਦੀ ਘਾਟ ਨੂੰ ਜਲਦ ਪੂਰਾ ਕੀਤਾ ਜਾਵੇ। ਉਨ੍ਹਾਂ ਮੰਗ ਕੀਤੀ ਕਿ ਖਾਲੀ ਪਈਆਂ ਅਸਾਮੀਆਂ ਨੂੰ ਤੁਰੰਤ ਭਰਿਆ ਜਾਵੇ ਤਾਂ ਜੋ ਪੜ੍ਹਾਈ ਪ੍ਰਭਾਵਿਤ ਨਾ ਹੋਵੇ। ਇਸ ਮੌਕੇ ਵੱਖ-ਵੱਖ ਬੁਲਾਰਿਆਂ ਨੇ ਸੰਬੋਧਨ ਕੀਤਾ ਅਤੇ ਸੰਘਰਸ਼ ਜਾਰੀ ਰੱਖਣ ਦਾ ਐਲਾਨ ਕੀਤਾ।
ਬਾਬੀ ਹਰਦਿਆਲ ਕੋਰ ਸਨਿਮਾਲਾ ਨੂੰ ਸੇਵਾ ਮੁਕਤ ਵੇਲੇ 'ਤੇ ਸਨਮਾਨਿਤ ਕੀਤਾ
ਅੰਮ੍ਰਿਤਸਰ, 31 ਮਾਰਚ (ਪੱਤਰ ਪ੍ਰੇਰਕ)- ਸੇਵਾ ਮੁਕਤੀ 'ਤੇ ਕਰਵਾਏ ਗਏ ਸਾਦੇ ਸਮਾਗਮ ਦੌਰਾਨ ਉਨ੍ਹਾਂ ਨੂੰ ਸਨਮਾਨਿਤ ਕੀਤਾ ਗਿਆ। ਸਾਥੀ ਅਧਿਆਪਕਾਂ ਨੇ ਕਿਹਾ ਕਿ ਉਨ੍ਹਾਂ ਨੇ ਵਿਦਿਆਰਥੀਆਂ ਦੇ ਭਵਿੱਖ ਨੂੰ ਸੰਵਾਰਨ ਲਈ ਅਹਿਮ ਯੋਗਦਾਨ ਪਾਇਆ ਹੈ। ਇਸ ਮੌਕੇ ਸਕੂਲ ਦਾ ਸਮੂਹ ਸਟਾਫ਼ ਹਾਜ਼ਰ ਸੀ।
ਅੰਮ੍ਰਿਤਸਰ, 31 ਮਾਰਚ (ਪੱਤਰ ਪ੍ਰੇਰਕ)- ਸੇਵਾ ਮੁਕਤੀ 'ਤੇ ਕਰਵਾਏ ਗਏ ਸਾਦੇ ਸਮਾਗਮ ਦੌਰਾਨ ਉਨ੍ਹਾਂ ਨੂੰ ਸਨਮਾਨਿਤ ਕੀਤਾ ਗਿਆ। ਸਾਥੀ ਅਧਿਆਪਕਾਂ ਨੇ ਕਿਹਾ ਕਿ ਉਨ੍ਹਾਂ ਨੇ ਵਿਦਿਆਰਥੀਆਂ ਦੇ ਭਵਿੱਖ ਨੂੰ ਸੰਵਾਰਨ ਲਈ ਅਹਿਮ ਯੋਗਦਾਨ ਪਾਇਆ ਹੈ। ਇਸ ਮੌਕੇ ਸਕੂਲ ਦਾ ਸਮੂਹ ਸਟਾਫ਼ ਹਾਜ਼ਰ ਸੀ।
ਸੱਠਿਆਲਾ ਗੁਰੂ ਵਿਚ ਨਸ਼ਾ ਮੁਕਤੀ ਸੰਦੇਸ਼ ਨਾਲ ਮੁਕਾਬਲੀ ਮੁਕਾਬਲੇ ਕਰਵਾਏ
ਸੱਠਿਆਲਾ, 31 ਮਾਰਚ (ਪੱਤਰ ਪ੍ਰੇਰਕ)- ਨਸ਼ਿਆਂ ਵਿਰੁੱਧ ਜਾਗਰੂਕਤਾ ਫੈਲਾਉਣ ਲਈ ਪਿੰਡ ਵਿਖੇ ਵਿਸ਼ੇਸ਼ ਸਮਾਗਮ ਕਰਵਾਇਆ ਗਿਆ, ਜਿਸ ਵਿਚ ਨੌਜਵਾਨਾਂ ਨੇ ਵੱਧ-ਚੜ੍ਹ ਕੇ ਹਿੱਸਾ ਲਿਆ। ਬੁਲਾਰਿਆਂ ਨੇ ਕਿਹਾ ਕਿ ਨਸ਼ਾ ਸਮਾਜ ਨੂੰ ਖੋਖਲਾ ਕਰ ਰਿਹਾ ਹੈ ਅਤੇ ਇਸ ਵਿਰੁੱਧ ਸਾਰਿਆਂ ਨੂੰ ਇਕਜੁੱਟ ਹੋਣ ਦੀ ਲੋੜ ਹੈ।
ਨਸ਼ਾ ਮੁਕਤੀ ਸਬੰਧੀ ਕਰਵਾਏ ਸਮਾਗਮ ਦੌਰਾਨ ਹਾਜ਼ਰ ਨੌਜਵਾਨ।
CMY	dgwnter-1
